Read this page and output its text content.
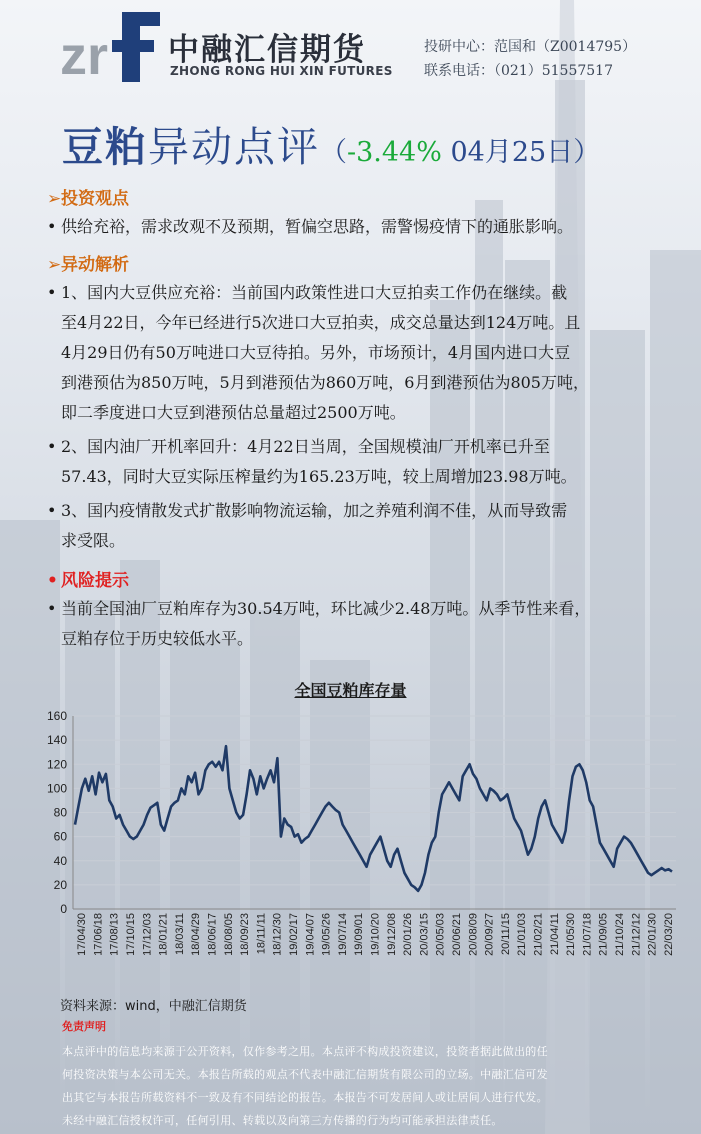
zr 中融汇信期货
ZHONG RONG HUI XIN FUTURES
投研中心：范国和（Z0014795）
联系电话：（021）51557517
豆粕异动点评（-3.44% 04月25日）
➢投资观点
• 供给充裕，需求改观不及预期，暂偏空思路，需警惕疫情下的通胀影响。
➢异动解析
• 1、国内大豆供应充裕：当前国内政策性进口大豆拍卖工作仍在继续。截
至4月22日，今年已经进行5次进口大豆拍卖，成交总量达到124万吨。且
4月29日仍有50万吨进口大豆待拍。另外，市场预计，4月国内进口大豆
到港预估为850万吨，5月到港预估为860万吨，6月到港预估为805万吨，
即二季度进口大豆到港预估总量超过2500万吨。
• 2、国内油厂开机率回升：4月22日当周，全国规模油厂开机率已升至
57.43，同时大豆实际压榨量约为165.23万吨，较上周增加23.98万吨。
• 3、国内疫情散发式扩散影响物流运输，加之养殖利润不佳，从而导致需
求受限。
• 风险提示
• 当前全国油厂豆粕库存为30.54万吨，环比减少2.48万吨。从季节性来看，
豆粕存位于历史较低水平。
全国豆粕库存量
0
20
40
60
80
100
120
140
160
17/04/30 17/06/18 17/08/13 17/10/15 17/12/03 18/01/21 18/03/11 18/04/29 18/06/17 18/08/05 18/09/23 18/11/11 18/12/30 19/02/17 19/04/07 19/05/26 19/07/14 19/09/01 19/10/20 19/12/08 20/01/26 20/03/15 20/05/03 20/06/21 20/08/09 20/09/27 20/11/15 21/01/03 21/02/21 21/04/11 21/05/30 21/07/18 21/09/05 21/10/24 21/12/12 22/01/30 22/03/20
资料来源：wind，中融汇信期货
免责声明
本点评中的信息均来源于公开资料，仅作参考之用。本点评不构成投资建议，投资者据此做出的任
何投资决策与本公司无关。本报告所载的观点不代表中融汇信期货有限公司的立场。中融汇信可发
出其它与本报告所载资料不一致及有不同结论的报告。本报告不可发居间人或让居间人进行代发。
未经中融汇信授权许可，任何引用、转载以及向第三方传播的行为均可能承担法律责任。
